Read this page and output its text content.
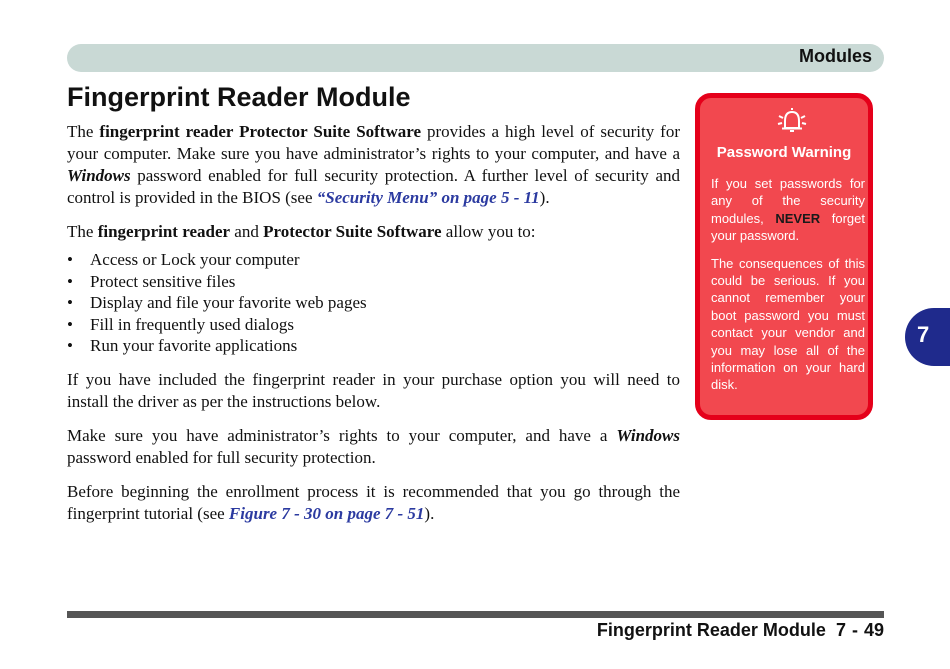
Modules
Fingerprint Reader Module

The fingerprint reader Protector Suite Software provides a high level of security for your computer. Make sure you have administrator’s rights to your computer, and have a Windows password enabled for full security protection. A further level of security and control is provided in the BIOS (see “Security Menu” on page 5 - 11).

The fingerprint reader and Protector Suite Software allow you to:

• Access or Lock your computer
• Protect sensitive files
• Display and file your favorite web pages
• Fill in frequently used dialogs
• Run your favorite applications

If you have included the fingerprint reader in your purchase option you will need to install the driver as per the instructions below.

Make sure you have administrator’s rights to your computer, and have a Windows password enabled for full security protection.

Before beginning the enrollment process it is recommended that you go through the fingerprint tutorial (see Figure 7 - 30 on page 7 - 51).

Password Warning

If you set passwords for any of the security modules, NEVER forget your password.

The consequences of this could be serious. If you cannot remember your boot password you must contact your vendor and you may lose all of the information on your hard disk.

7
Fingerprint Reader Module 7 - 49
